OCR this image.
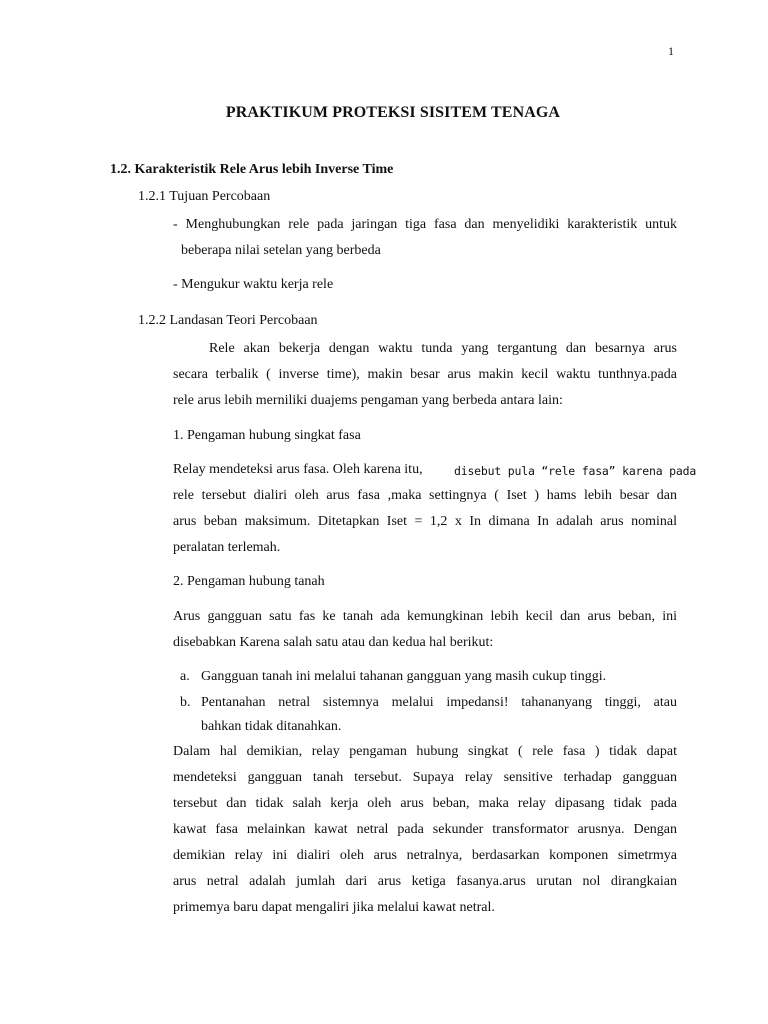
1
PRAKTIKUM PROTEKSI SISITEM TENAGA
1.2. Karakteristik Rele Arus lebih Inverse Time
1.2.1 Tujuan Percobaan
- Menghubungkan rele pada jaringan tiga fasa dan menyelidiki karakteristik untuk
beberapa nilai setelan yang berbeda
- Mengukur waktu kerja rele
1.2.2 Landasan Teori Percobaan
Rele akan bekerja dengan waktu tunda yang tergantung dan besarnya arus
secara terbalik ( inverse time), makin besar arus makin kecil waktu tunthnya.pada
rele arus lebih merniliki duajems pengaman yang berbeda antara lain:
1. Pengaman hubung singkat fasa
Relay mendeteksi arus fasa. Oleh karena itu,	disebut pula “rele fasa” karena pada
rele tersebut dialiri oleh arus fasa ,maka settingnya ( Iset ) hams lebih besar dan
arus beban maksimum. Ditetapkan Iset = 1,2 x In dimana In adalah arus nominal
peralatan terlemah.
2. Pengaman hubung tanah
Arus gangguan satu fas ke tanah ada kemungkinan lebih kecil dan arus beban, ini
disebabkan Karena salah satu atau dan kedua hal berikut:
a. Gangguan tanah ini melalui tahanan gangguan yang masih cukup tinggi.
b. Pentanahan netral sistemnya melalui impedansi! tahananyang tinggi, atau
bahkan tidak ditanahkan.
Dalam hal demikian, relay pengaman hubung singkat ( rele fasa ) tidak dapat
mendeteksi gangguan tanah tersebut. Supaya relay sensitive terhadap gangguan
tersebut dan tidak salah kerja oleh arus beban, maka relay dipasang tidak pada
kawat fasa melainkan kawat netral pada sekunder transformator arusnya. Dengan
demikian relay ini dialiri oleh arus netralnya, berdasarkan komponen simetrmya
arus netral adalah jumlah dari arus ketiga fasanya.arus urutan nol dirangkaian
primemya baru dapat mengaliri jika melalui kawat netral.
